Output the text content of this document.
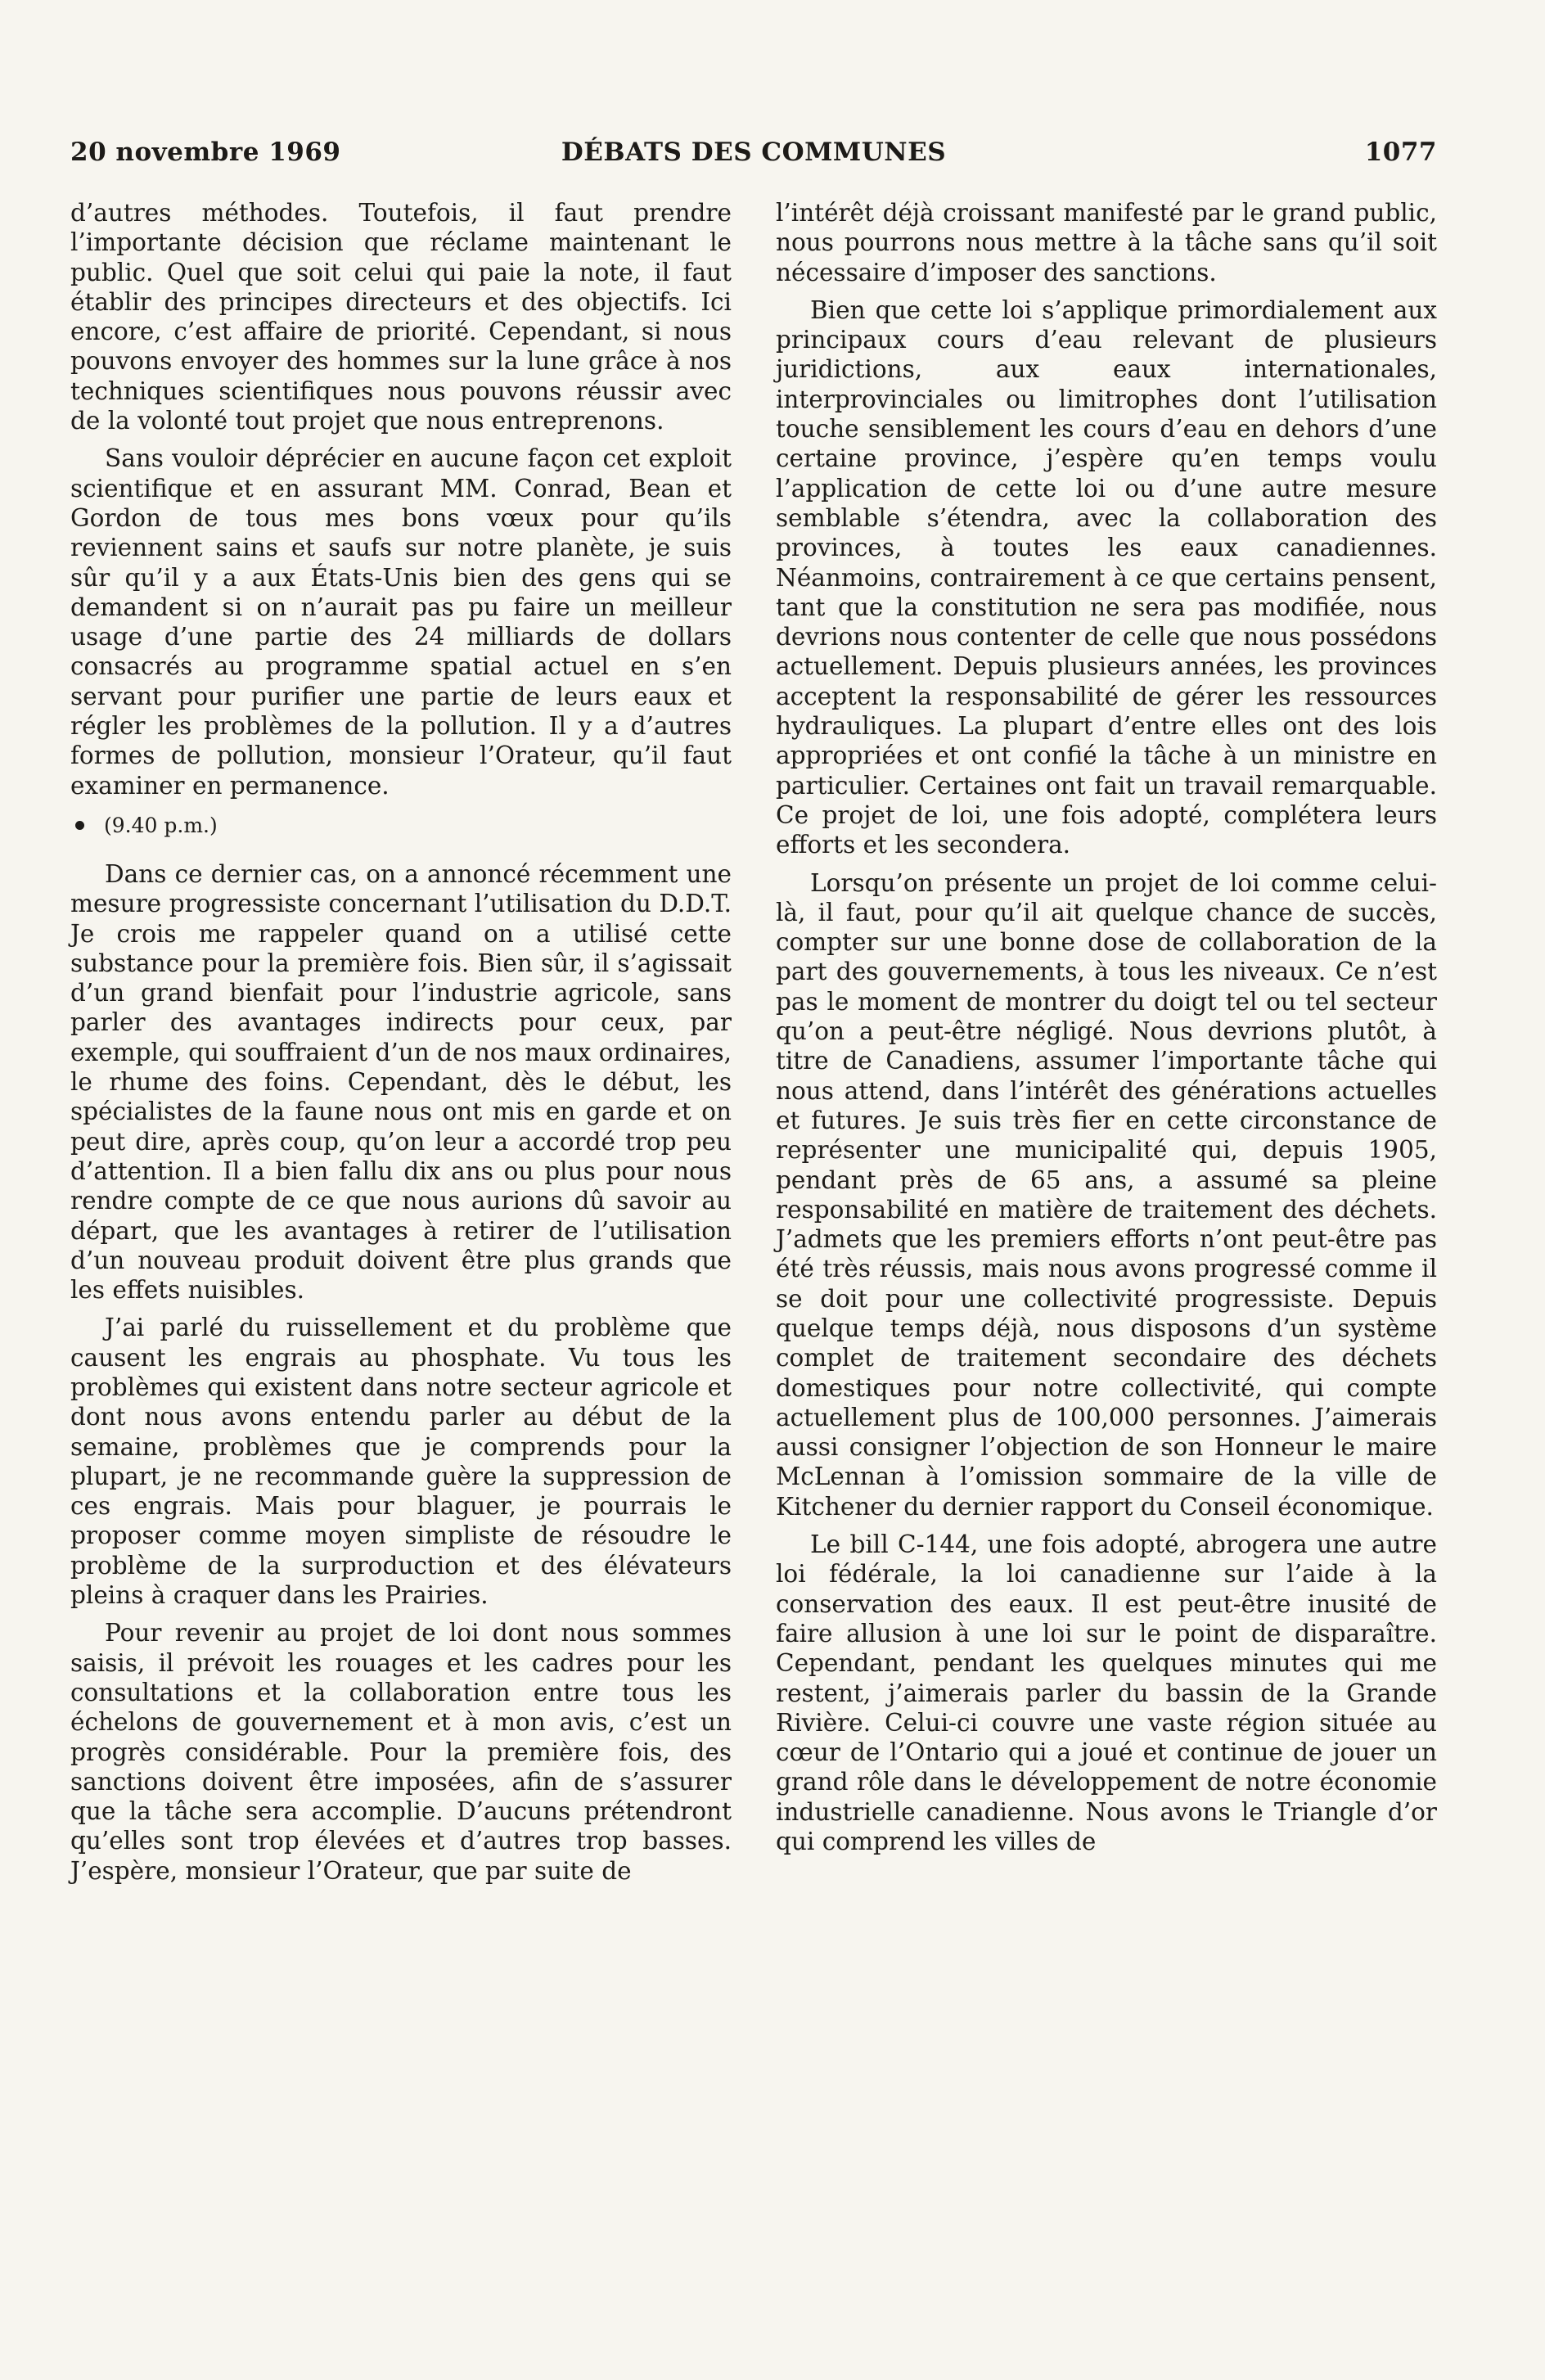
20 novembre 1969	DÉBATS DES COMMUNES	1077

d’autres méthodes. Toutefois, il faut prendre l’importante décision que réclame maintenant le public. Quel que soit celui qui paie la note, il faut établir des principes directeurs et des objectifs. Ici encore, c’est affaire de priorité. Cependant, si nous pouvons envoyer des hommes sur la lune grâce à nos techniques scientifiques nous pouvons réussir avec de la volonté tout projet que nous entreprenons.

Sans vouloir déprécier en aucune façon cet exploit scientifique et en assurant MM. Conrad, Bean et Gordon de tous mes bons vœux pour qu’ils reviennent sains et saufs sur notre planète, je suis sûr qu’il y a aux États-Unis bien des gens qui se demandent si on n’aurait pas pu faire un meilleur usage d’une partie des 24 milliards de dollars consacrés au programme spatial actuel en s’en servant pour purifier une partie de leurs eaux et régler les problèmes de la pollution. Il y a d’autres formes de pollution, monsieur l’Orateur, qu’il faut examiner en permanence.

(9.40 p.m.)

Dans ce dernier cas, on a annoncé récemment une mesure progressiste concernant l’utilisation du D.D.T. Je crois me rappeler quand on a utilisé cette substance pour la première fois. Bien sûr, il s’agissait d’un grand bienfait pour l’industrie agricole, sans parler des avantages indirects pour ceux, par exemple, qui souffraient d’un de nos maux ordinaires, le rhume des foins. Cependant, dès le début, les spécialistes de la faune nous ont mis en garde et on peut dire, après coup, qu’on leur a accordé trop peu d’attention. Il a bien fallu dix ans ou plus pour nous rendre compte de ce que nous aurions dû savoir au départ, que les avantages à retirer de l’utilisation d’un nouveau produit doivent être plus grands que les effets nuisibles.

J’ai parlé du ruissellement et du problème que causent les engrais au phosphate. Vu tous les problèmes qui existent dans notre secteur agricole et dont nous avons entendu parler au début de la semaine, problèmes que je comprends pour la plupart, je ne recommande guère la suppression de ces engrais. Mais pour blaguer, je pourrais le proposer comme moyen simpliste de résoudre le problème de la surproduction et des élévateurs pleins à craquer dans les Prairies.

Pour revenir au projet de loi dont nous sommes saisis, il prévoit les rouages et les cadres pour les consultations et la collaboration entre tous les échelons de gouvernement et à mon avis, c’est un progrès considérable. Pour la première fois, des sanctions doivent être imposées, afin de s’assurer que la tâche sera accomplie. D’aucuns prétendront qu’elles sont trop élevées et d’autres trop basses. J’espère, monsieur l’Orateur, que par suite de

l’intérêt déjà croissant manifesté par le grand public, nous pourrons nous mettre à la tâche sans qu’il soit nécessaire d’imposer des sanctions.

Bien que cette loi s’applique primordialement aux principaux cours d’eau relevant de plusieurs juridictions, aux eaux internationales, interprovinciales ou limitrophes dont l’utilisation touche sensiblement les cours d’eau en dehors d’une certaine province, j’espère qu’en temps voulu l’application de cette loi ou d’une autre mesure semblable s’étendra, avec la collaboration des provinces, à toutes les eaux canadiennes. Néanmoins, contrairement à ce que certains pensent, tant que la constitution ne sera pas modifiée, nous devrions nous contenter de celle que nous possédons actuellement. Depuis plusieurs années, les provinces acceptent la responsabilité de gérer les ressources hydrauliques. La plupart d’entre elles ont des lois appropriées et ont confié la tâche à un ministre en particulier. Certaines ont fait un travail remarquable. Ce projet de loi, une fois adopté, complétera leurs efforts et les secondera.

Lorsqu’on présente un projet de loi comme celui-là, il faut, pour qu’il ait quelque chance de succès, compter sur une bonne dose de collaboration de la part des gouvernements, à tous les niveaux. Ce n’est pas le moment de montrer du doigt tel ou tel secteur qu’on a peut-être négligé. Nous devrions plutôt, à titre de Canadiens, assumer l’importante tâche qui nous attend, dans l’intérêt des générations actuelles et futures. Je suis très fier en cette circonstance de représenter une municipalité qui, depuis 1905, pendant près de 65 ans, a assumé sa pleine responsabilité en matière de traitement des déchets. J’admets que les premiers efforts n’ont peut-être pas été très réussis, mais nous avons progressé comme il se doit pour une collectivité progressiste. Depuis quelque temps déjà, nous disposons d’un système complet de traitement secondaire des déchets domestiques pour notre collectivité, qui compte actuellement plus de 100,000 personnes. J’aimerais aussi consigner l’objection de son Honneur le maire McLennan à l’omission sommaire de la ville de Kitchener du dernier rapport du Conseil économique.

Le bill C-144, une fois adopté, abrogera une autre loi fédérale, la loi canadienne sur l’aide à la conservation des eaux. Il est peut-être inusité de faire allusion à une loi sur le point de disparaître. Cependant, pendant les quelques minutes qui me restent, j’aimerais parler du bassin de la Grande Rivière. Celui-ci couvre une vaste région située au cœur de l’Ontario qui a joué et continue de jouer un grand rôle dans le développement de notre économie industrielle canadienne. Nous avons le Triangle d’or qui comprend les villes de
